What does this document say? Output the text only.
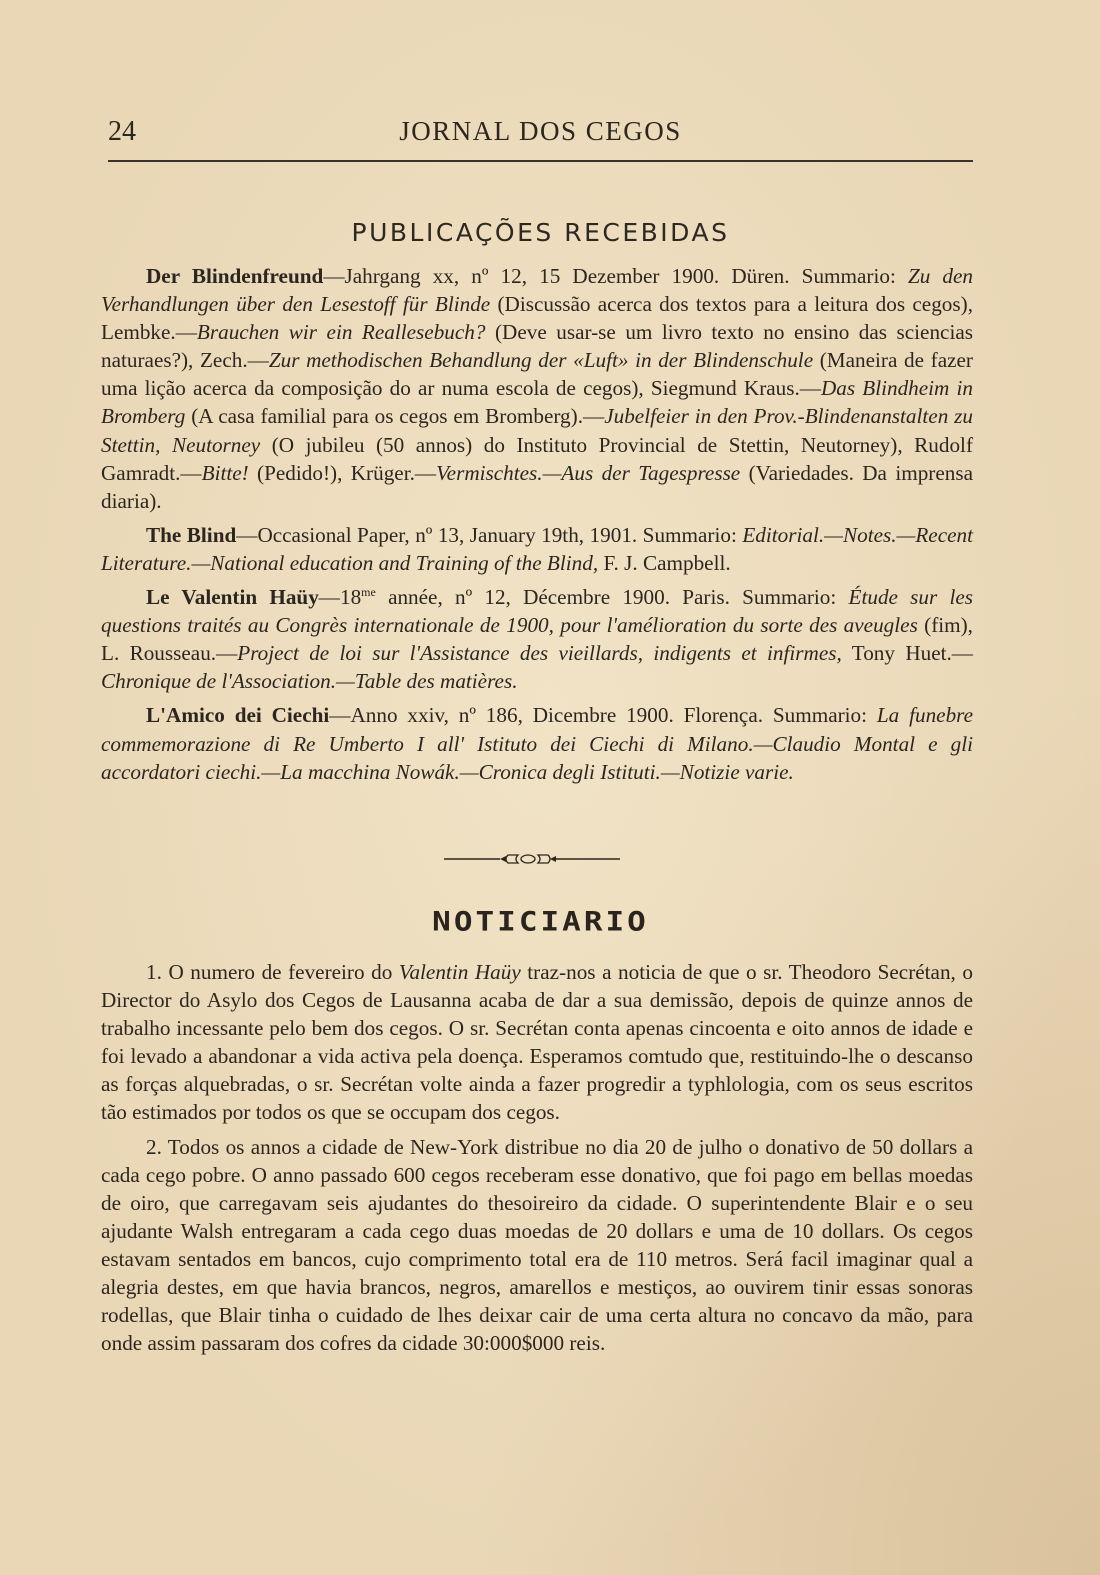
JORNAL DOS CEGOS
24
PUBLICAÇÕES RECEBIDAS

Der Blindenfreund—Jahrgang xx, nº 12, 15 Dezember 1900. Düren. Summario: Zu den Verhandlungen über den Lesestoff für Blinde (Discussão acerca dos textos para a leitura dos cegos), Lembke.—Brauchen wir ein Reallesebuch? (Deve usar-se um livro texto no ensino das sciencias naturaes?), Zech.—Zur methodischen Behandlung der «Luft» in der Blindenschule (Maneira de fazer uma lição acerca da composição do ar numa escola de cegos), Siegmund Kraus.—Das Blindheim in Bromberg (A casa familial para os cegos em Bromberg).—Jubelfeier in den Prov.-Blindenanstalten zu Stettin, Neutorney (O jubileu (50 annos) do Instituto Provincial de Stettin, Neutorney), Rudolf Gamradt.—Bitte! (Pedido!), Krüger.—Vermischtes.—Aus der Tagespresse (Variedades. Da imprensa diaria).

The Blind—Occasional Paper, nº 13, January 19th, 1901. Summario: Editorial.—Notes.—Recent Literature.—National education and Training of the Blind, F. J. Campbell.

Le Valentin $Haüy—18^{me}$ année, nº 12, Décembre 1900. Paris. Summario: Étude sur les questions traités au Congrès internationale de 1900, pour l'amélioration du sorte des aveugles (fim), L. Rousseau.—Project de loi sur l'Assistance des vieillards, indigents et infirmes, Tony Huet.—Chronique de l'Association.—Table des matières.

L'Amico dei Ciechi—Anno xxiv, nº 186, Dicembre 1900. Florença. Summario: La funebre commemorazione di Re Umberto I all' Istituto dei Ciechi di Milano.—Claudio Montal e gli accordatori ciechi.—La macchina Nowák.—Cronica degli Istituti.—Notizie varie.

NOTICIARIO

1. O numero de fevereiro do Valentin Haüy traz-nos a noticia de que o sr. Theodoro Secrétan, o Director do Asylo dos Cegos de Lausanna acaba de dar a sua demissão, depois de quinze annos de trabalho incessante pelo bem dos cegos. O sr. Secrétan conta apenas cincoenta e oito annos de idade e foi levado a abandonar a vida activa pela doença. Esperamos comtudo que, restituindo-lhe o descanso as forças alquebradas, o sr. Secrétan volte ainda a fazer progredir a typhlologia, com os seus escritos tão estimados por todos os que se occupam dos cegos.

2. Todos os annos a cidade de New-York distribue no dia 20 de julho o donativo de 50 dollars a cada cego pobre. O anno passado 600 cegos receberam esse donativo, que foi pago em bellas moedas de oiro, que carregavam seis ajudantes do thesoireiro da cidade. O superintendente Blair e o seu ajudante Walsh entregaram a cada cego duas moedas de 20 dollars e uma de 10 dollars. Os cegos estavam sentados em bancos, cujo comprimento total era de 110 metros. Será facil imaginar qual a alegria destes, em que havia brancos, negros, amarellos e mestiços, ao ouvirem tinir essas sonoras rodellas, que Blair tinha o cuidado de lhes deixar cair de uma certa altura no concavo da mão, para onde assim passaram dos cofres da cidade 30:000$000 reis.
